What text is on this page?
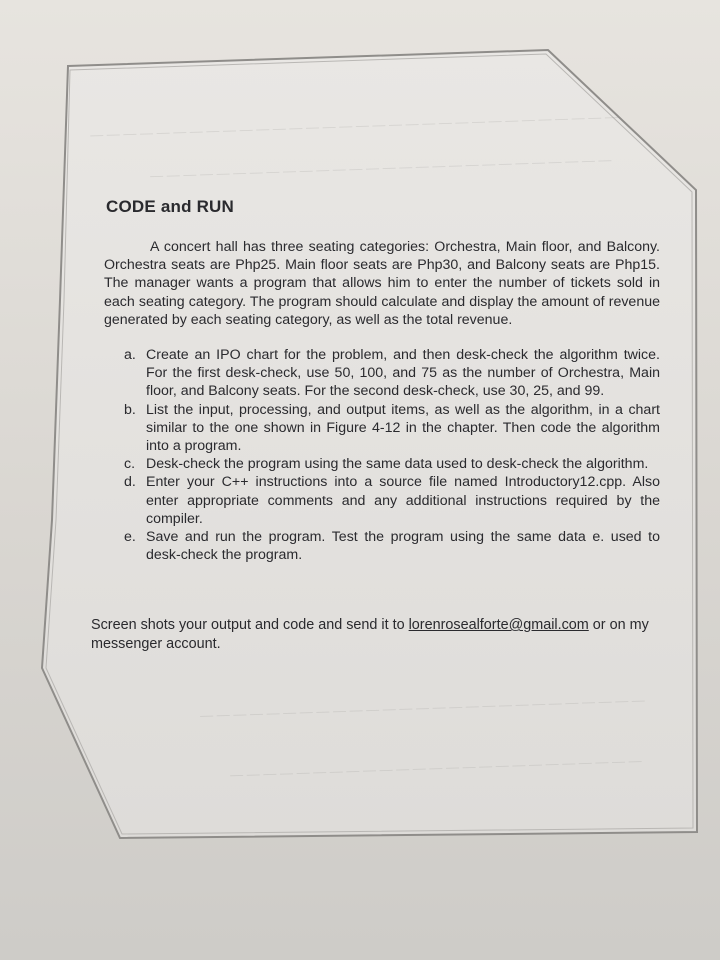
— — — — — — — — — — — — — — — — — — — — — — — — — — — — — — — —
— — — — — — — — — — — — — — — — — — — — — — — — — — — —
— — — — — — — — — — — — — — — — — — — — — — — — — — —
— — — — — — — — — — — — — — — — — — — — — — — — —
CODE and RUN
A concert hall has three seating categories: Orchestra, Main floor, and Balcony. Orchestra seats are Php25. Main floor seats are Php30, and Balcony seats are Php15. The manager wants a program that allows him to enter the number of tickets sold in each seating category. The program should calculate and display the amount of revenue generated by each seating category, as well as the total revenue.
a. Create an IPO chart for the problem, and then desk-check the algorithm twice. For the first desk-check, use 50, 100, and 75 as the number of Orchestra, Main floor, and Balcony seats. For the second desk-check, use 30, 25, and 99.
b. List the input, processing, and output items, as well as the algorithm, in a chart similar to the one shown in Figure 4-12 in the chapter. Then code the algorithm into a program.
c. Desk-check the program using the same data used to desk-check the algorithm.
d. Enter your C++ instructions into a source file named Introductory12.cpp. Also enter appropriate comments and any additional instructions required by the compiler.
e. Save and run the program. Test the program using the same data e. used to desk-check the program.
Screen shots your output and code and send it to lorenrosealforte@gmail.com or on my messenger account.
